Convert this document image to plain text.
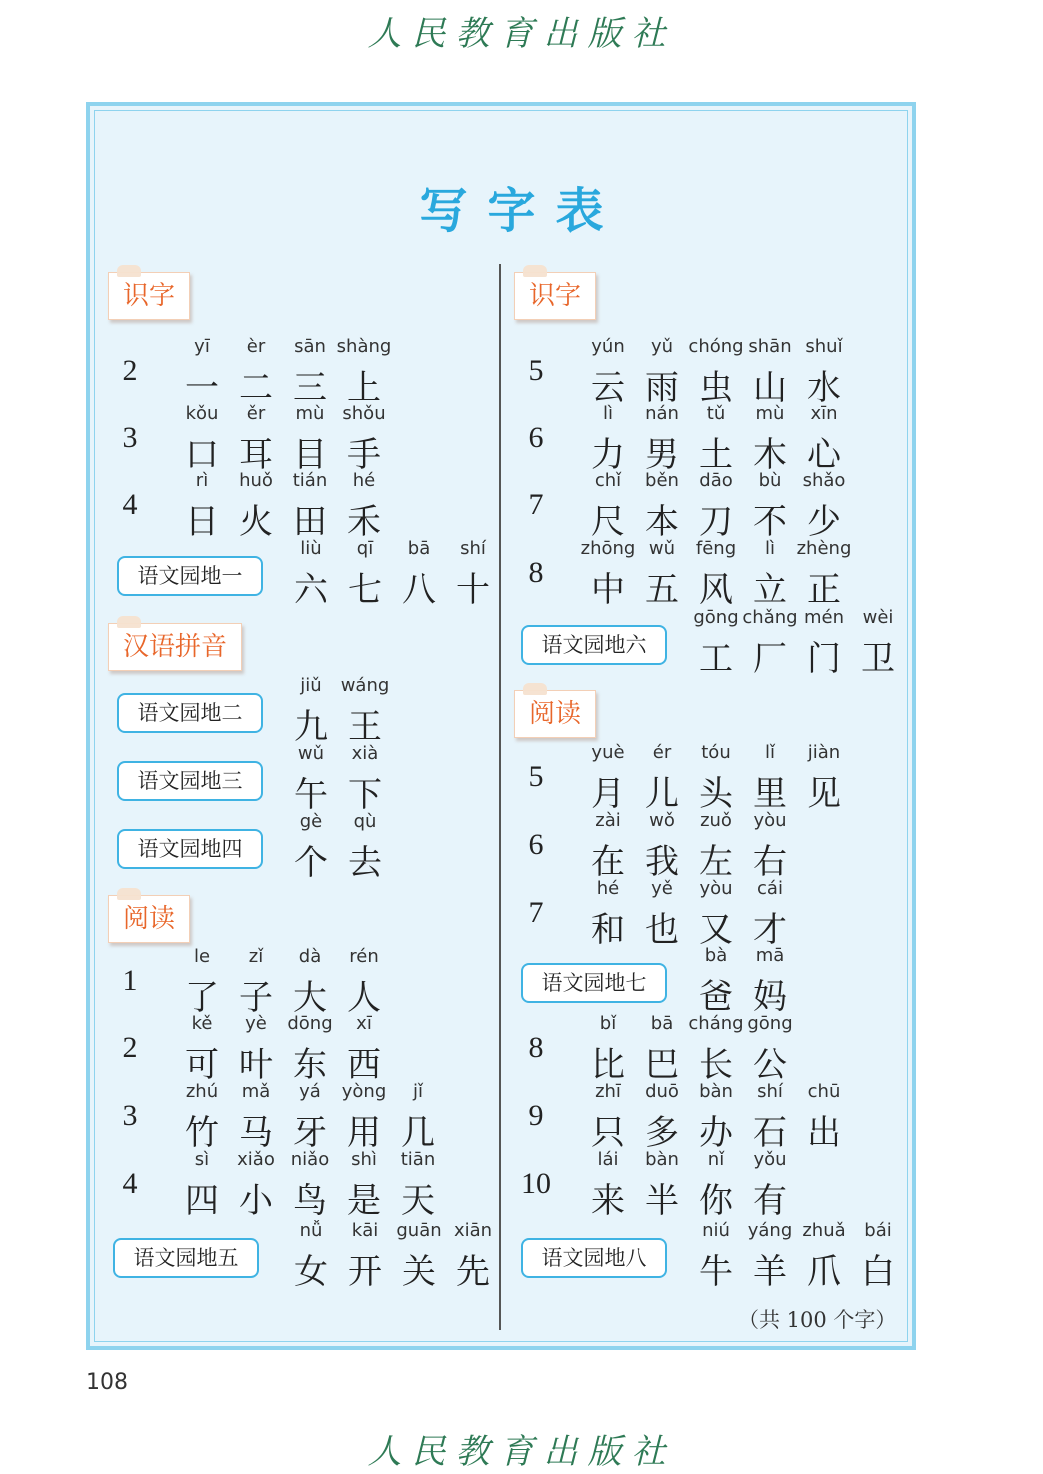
人民教育出版社
写字表
识字
汉语拼音
阅读
识字
阅读
2
yī
一
èr
二
sān
三
shàng
上
3
kǒu
口
ěr
耳
mù
目
shǒu
手
4
rì
日
huǒ
火
tián
田
hé
禾
语文园地一
liù
六
qī
七
bā
八
shí
十
语文园地二
jiǔ
九
wáng
王
语文园地三
wǔ
午
xià
下
语文园地四
gè
个
qù
去
1
le
了
zǐ
子
dà
大
rén
人
2
kě
可
yè
叶
dōng
东
xī
西
3
zhú
竹
mǎ
马
yá
牙
yòng
用
jǐ
几
4
sì
四
xiǎo
小
niǎo
鸟
shì
是
tiān
天
语文园地五
nǚ
女
kāi
开
guān
关
xiān
先
5
yún
云
yǔ
雨
chóng
虫
shān
山
shuǐ
水
6
lì
力
nán
男
tǔ
土
mù
木
xīn
心
7
chǐ
尺
běn
本
dāo
刀
bù
不
shǎo
少
8
zhōng
中
wǔ
五
fēng
风
lì
立
zhèng
正
语文园地六
gōng
工
chǎng
厂
mén
门
wèi
卫
5
yuè
月
ér
儿
tóu
头
lǐ
里
jiàn
见
6
zài
在
wǒ
我
zuǒ
左
yòu
右
7
hé
和
yě
也
yòu
又
cái
才
语文园地七
bà
爸
mā
妈
8
bǐ
比
bā
巴
cháng
长
gōng
公
9
zhī
只
duō
多
bàn
办
shí
石
chū
出
10
lái
来
bàn
半
nǐ
你
yǒu
有
语文园地八
niú
牛
yáng
羊
zhuǎ
爪
bái
白
（共 100 个字）
108
人民教育出版社
